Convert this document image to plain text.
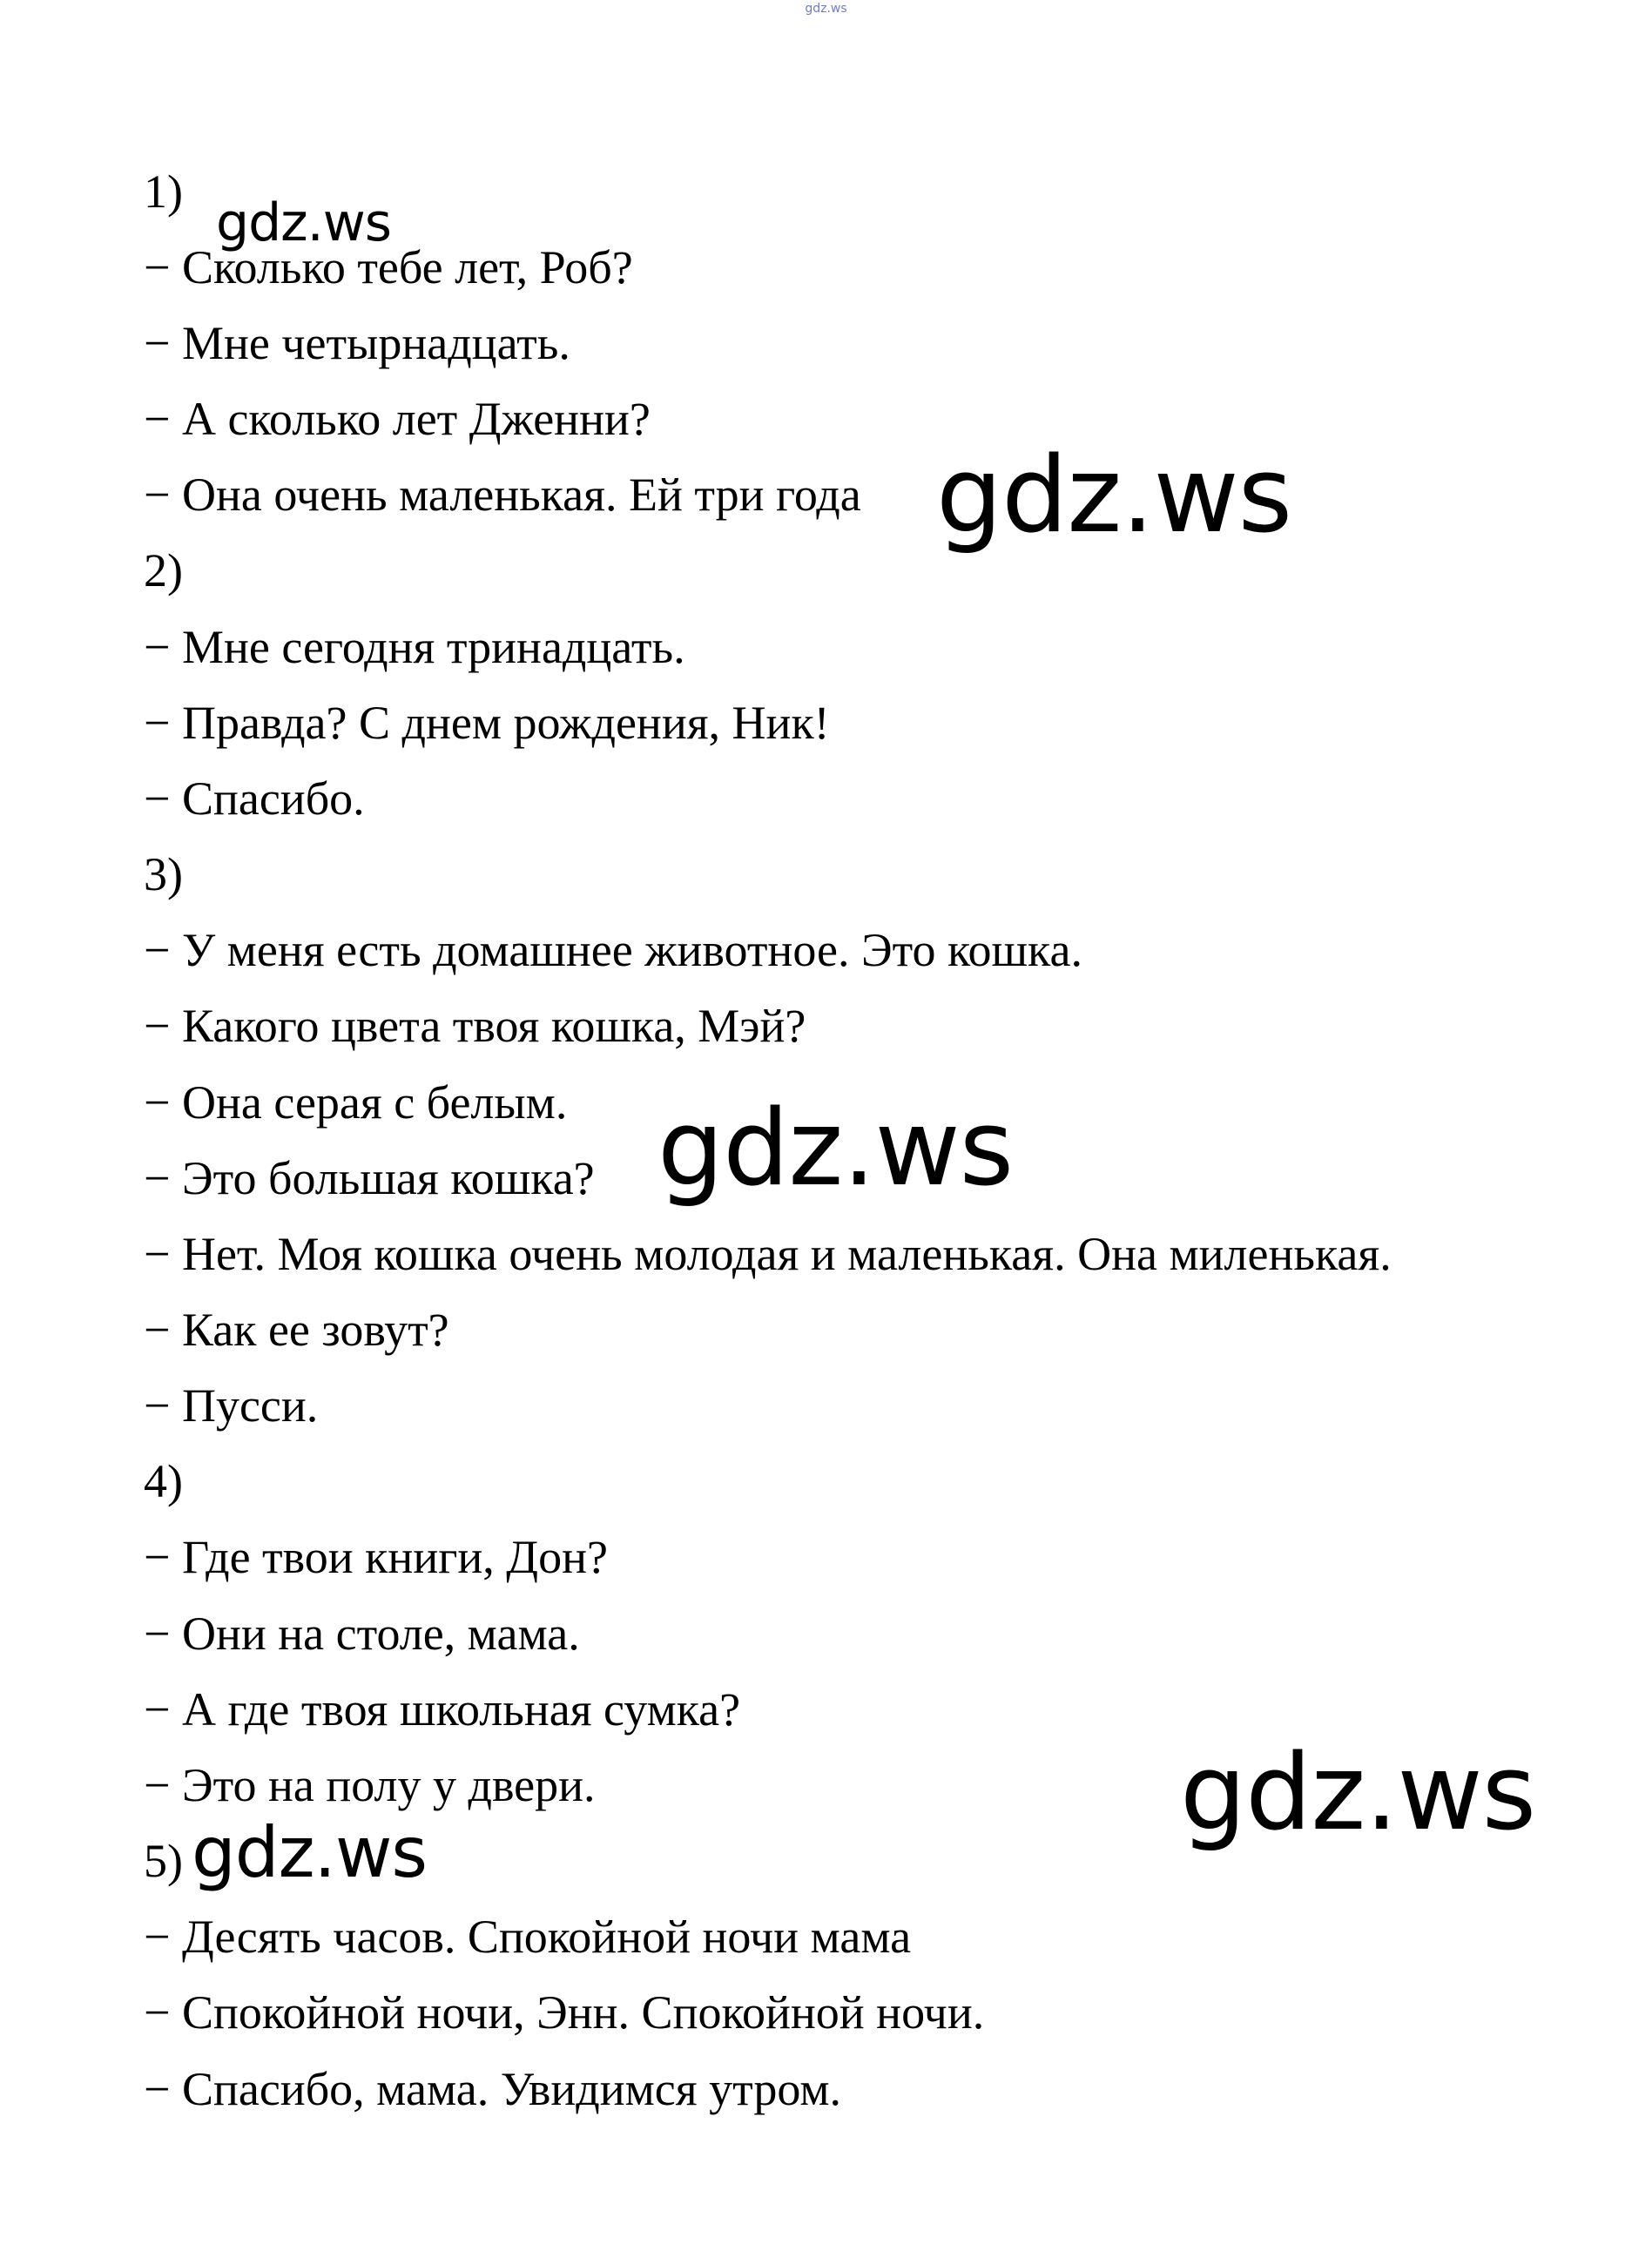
gdz.ws
1)
− Сколько тебе лет, Роб?
− Мне четырнадцать.
− А сколько лет Дженни?
− Она очень маленькая. Ей три года
2)
− Мне сегодня тринадцать.
− Правда? С днем рождения, Ник!
− Спасибо.
3)
− У меня есть домашнее животное. Это кошка.
− Какого цвета твоя кошка, Мэй?
− Она серая с белым.
− Это большая кошка?
− Нет. Моя кошка очень молодая и маленькая. Она миленькая.
− Как ее зовут?
− Пусси.
4)
− Где твои книги, Дон?
− Они на столе, мама.
− А где твоя школьная сумка?
− Это на полу у двери.
5)
− Десять часов. Спокойной ночи мама
− Спокойной ночи, Энн. Спокойной ночи.
− Спасибо, мама. Увидимся утром.
gdz.ws
gdz.ws
gdz.ws
gdz.ws
gdz.ws
